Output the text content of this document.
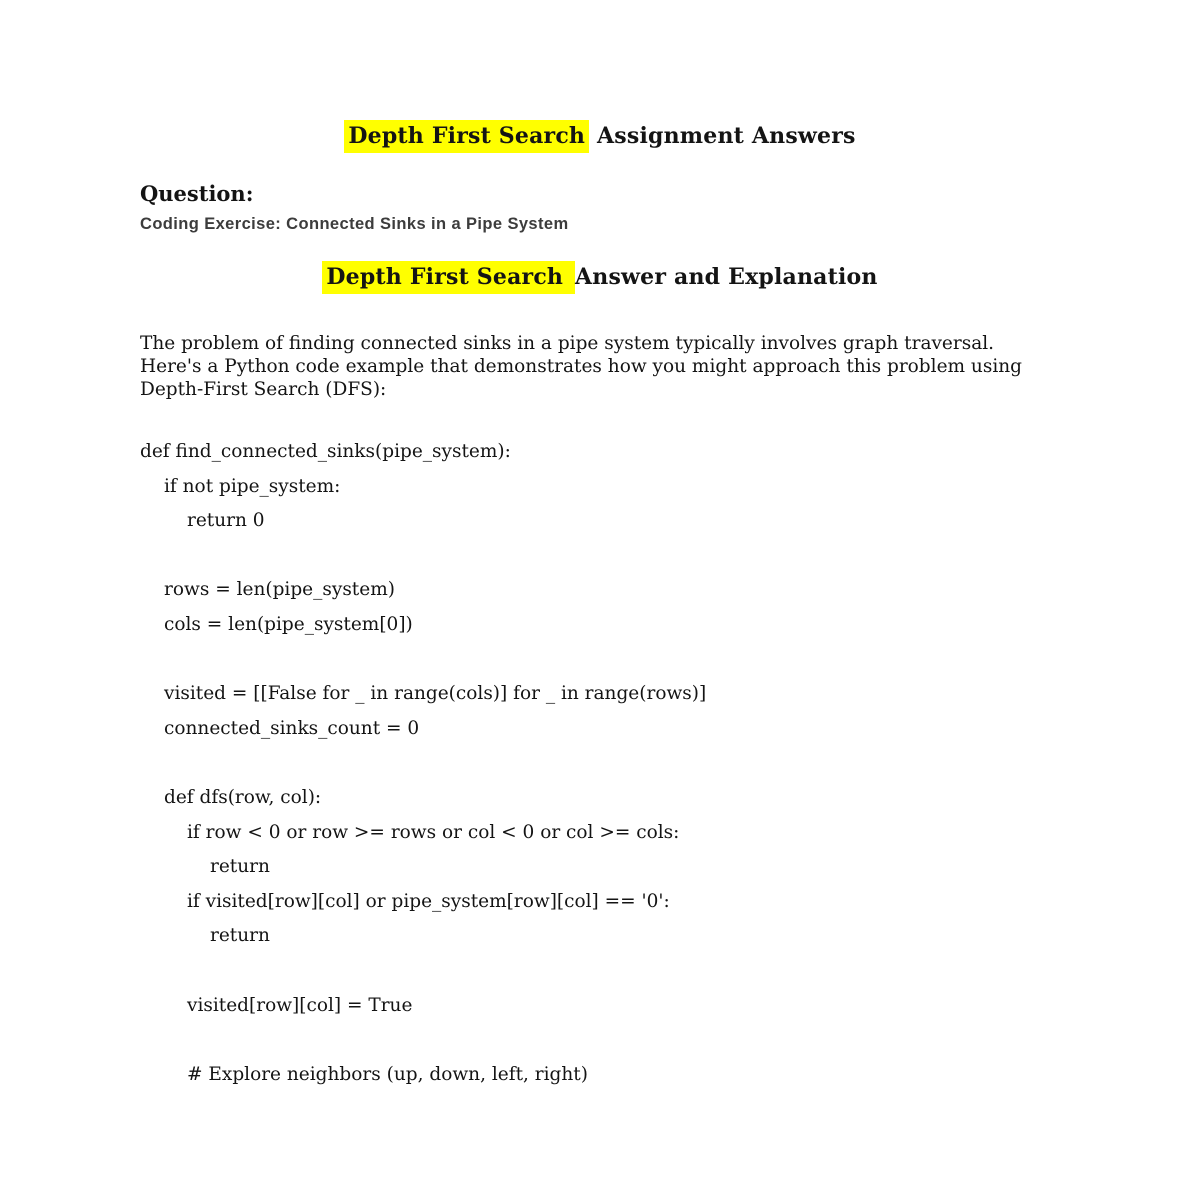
Depth First Search Assignment Answers
Question:

Coding Exercise: Connected Sinks in a Pipe System

Depth First Search Answer and Explanation
The problem of finding connected sinks in a pipe system typically involves graph traversal.
Here's a Python code example that demonstrates how you might approach this problem using
Depth-First Search (DFS):
def find_connected_sinks(pipe_system):
if not pipe_system:
return 0
rows = len(pipe_system)
cols = len(pipe_system[0])
visited = [[False for _ in range(cols)] for _ in range(rows)]
connected_sinks_count = 0
def dfs(row, col):
if row < 0 or row >= rows or col < 0 or col >= cols:
return
if visited[row][col] or pipe_system[row][col] == '0':
return
visited[row][col] = True
# Explore neighbors (up, down, left, right)
